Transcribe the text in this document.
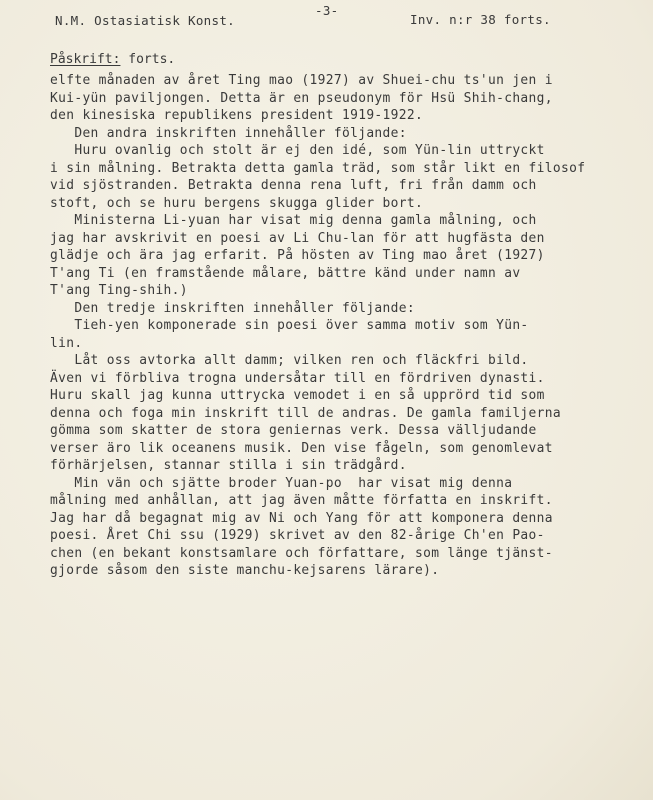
N.M. Ostasiatisk Konst.
-3-
Inv. n:r 38 forts.
Påskrift: forts.
elfte månaden av året Ting mao (1927) av Shuei-chu ts'un jen i
Kui-yün paviljongen. Detta är en pseudonym för Hsü Shih-chang,
den kinesiska republikens president 1919-1922.
Den andra inskriften innehåller följande:
Huru ovanlig och stolt är ej den idé, som Yün-lin uttryckt
i sin målning. Betrakta detta gamla träd, som står likt en filosof
vid sjöstranden. Betrakta denna rena luft, fri från damm och
stoft, och se huru bergens skugga glider bort.
Ministerna Li-yuan har visat mig denna gamla målning, och
jag har avskrivit en poesi av Li Chu-lan för att hugfästa den
glädje och ära jag erfarit. På hösten av Ting mao året (1927)
T'ang Ti (en framstående målare, bättre känd under namn av
T'ang Ting-shih.)
Den tredje inskriften innehåller följande:
Tieh-yen komponerade sin poesi över samma motiv som Yün-
lin.
Låt oss avtorka allt damm; vilken ren och fläckfri bild.
Även vi förbliva trogna undersåtar till en fördriven dynasti.
Huru skall jag kunna uttrycka vemodet i en så upprörd tid som
denna och foga min inskrift till de andras. De gamla familjerna
gömma som skatter de stora geniernas verk. Dessa välljudande
verser äro lik oceanens musik. Den vise fågeln, som genomlevat
förhärjelsen, stannar stilla i sin trädgård.
Min vän och sjätte broder Yuan-po  har visat mig denna
målning med anhållan, att jag även måtte författa en inskrift.
Jag har då begagnat mig av Ni och Yang för att komponera denna
poesi. Året Chi ssu (1929) skrivet av den 82-årige Ch'en Pao-
chen (en bekant konstsamlare och författare, som länge tjänst-
gjorde såsom den siste manchu-kejsarens lärare).
